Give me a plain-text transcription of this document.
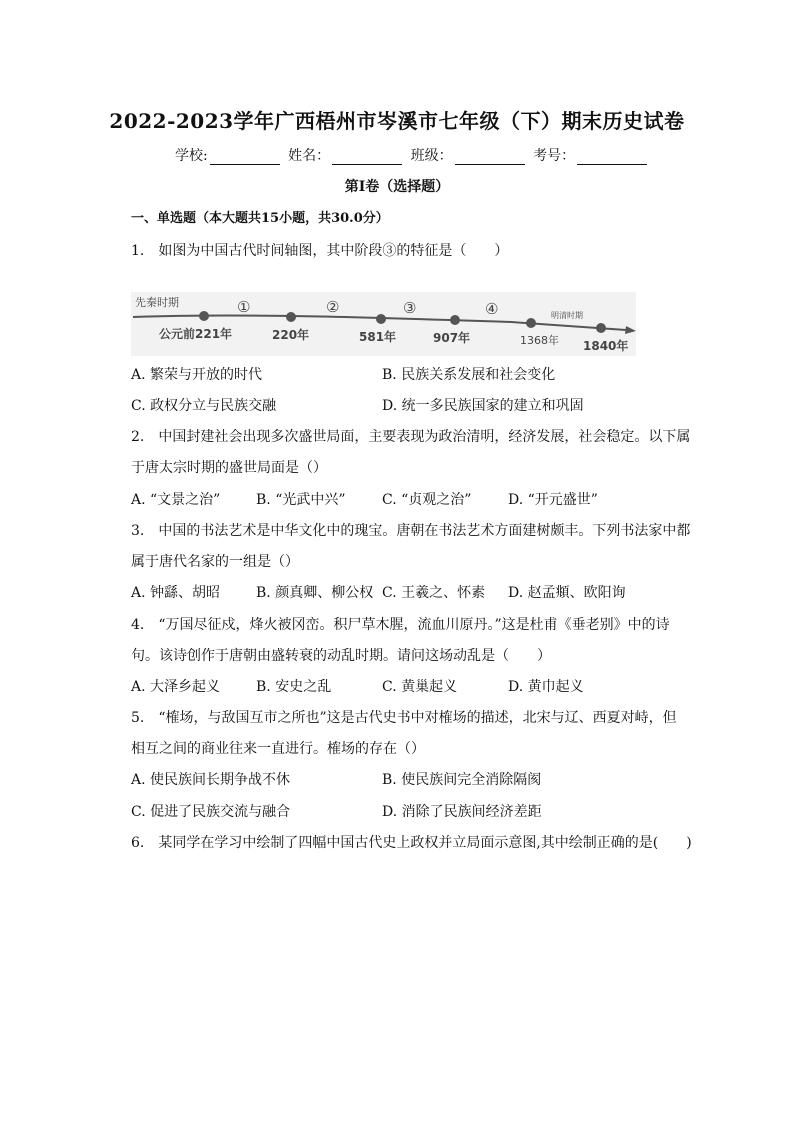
2022-2023学年广西梧州市岑溪市七年级（下）期末历史试卷
学校:	姓名：	班级：	考号：
第I卷（选择题）
一、单选题（本大题共15小题，共30.0分）
1.　如图为中国古代时间轴图，其中阶段③的特征是（　　）
先秦时期
明清时期
①	②	③	④
公元前221年	220年	581年	907年	1368年 1840年
A. 繁荣与开放的时代	B. 民族关系发展和社会变化
C. 政权分立与民族交融	D. 统一多民族国家的建立和巩固
2.　中国封建社会出现多次盛世局面，主要表现为政治清明，经济发展，社会稳定。以下属
于唐太宗时期的盛世局面是（）
A. “文景之治”	B. “光武中兴”	C. “贞观之治”	D. “开元盛世”
3.　中国的书法艺术是中华文化中的瑰宝。唐朝在书法艺术方面建树颇丰。下列书法家中都
属于唐代名家的一组是（）
A. 钟繇、胡昭	B. 颜真卿、柳公权 C. 王羲之、怀素 D. 赵孟頫、欧阳询
4.　“万国尽征戍，烽火被冈峦。积尸草木腥，流血川原丹。”这是杜甫《垂老别》中的诗
句。该诗创作于唐朝由盛转衰的动乱时期。请问这场动乱是（　　）
A. 大泽乡起义	B. 安史之乱	C. 黄巢起义	D. 黄巾起义
5.　“榷场，与敌国互市之所也”这是古代史书中对榷场的描述，北宋与辽、西夏对峙，但
相互之间的商业往来一直进行。榷场的存在（）
A. 使民族间长期争战不休	B. 使民族间完全消除隔阂
C. 促进了民族交流与融合	D. 消除了民族间经济差距
6.　某同学在学习中绘制了四幅中国古代史上政权并立局面示意图,其中绘制正确的是(　　)
